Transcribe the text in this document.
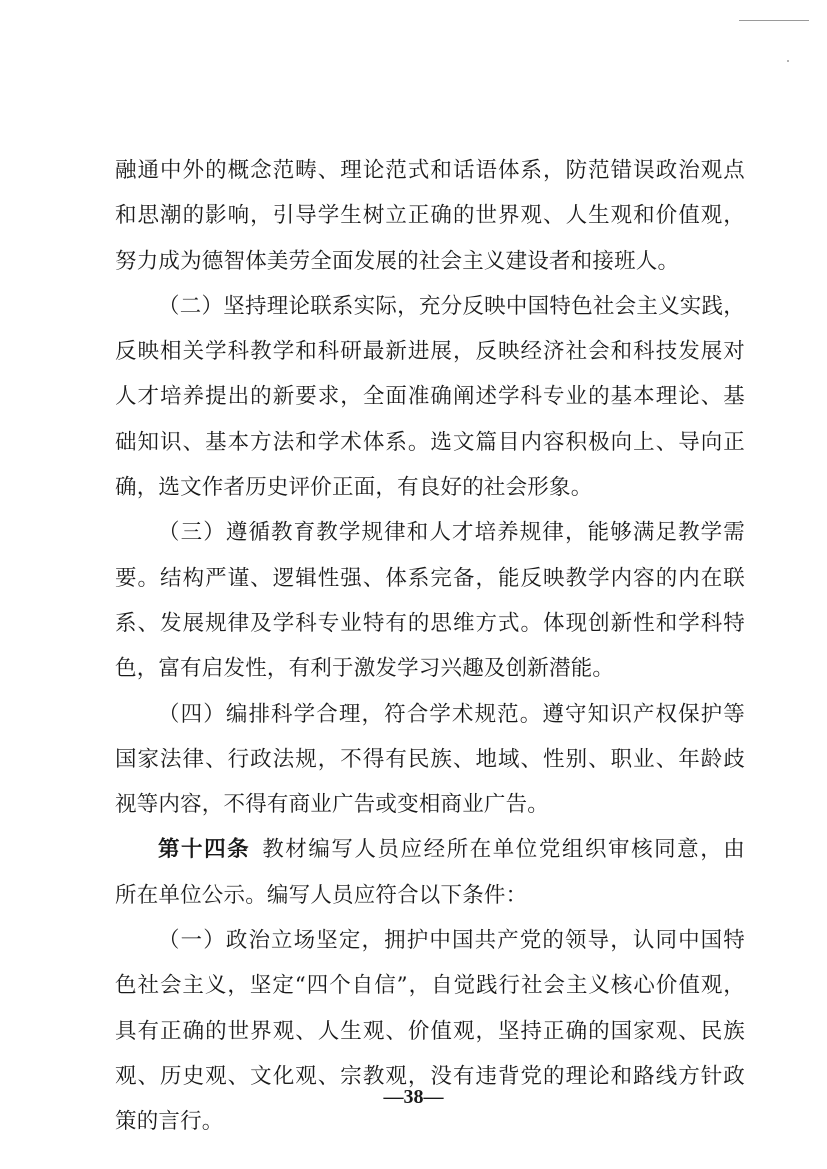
融通中外的概念范畴、理论范式和话语体系，防范错误政治观点
和思潮的影响，引导学生树立正确的世界观、人生观和价值观，
努力成为德智体美劳全面发展的社会主义建设者和接班人。
（二）坚持理论联系实际，充分反映中国特色社会主义实践，
反映相关学科教学和科研最新进展，反映经济社会和科技发展对
人才培养提出的新要求，全面准确阐述学科专业的基本理论、基
础知识、基本方法和学术体系。选文篇目内容积极向上、导向正
确，选文作者历史评价正面，有良好的社会形象。
（三）遵循教育教学规律和人才培养规律，能够满足教学需
要。结构严谨、逻辑性强、体系完备，能反映教学内容的内在联
系、发展规律及学科专业特有的思维方式。体现创新性和学科特
色，富有启发性，有利于激发学习兴趣及创新潜能。
（四）编排科学合理，符合学术规范。遵守知识产权保护等
国家法律、行政法规，不得有民族、地域、性别、职业、年龄歧
视等内容，不得有商业广告或变相商业广告。
第十四条 教材编写人员应经所在单位党组织审核同意，由
所在单位公示。编写人员应符合以下条件：
（一）政治立场坚定，拥护中国共产党的领导，认同中国特
色社会主义，坚定“四个自信”，自觉践行社会主义核心价值观，
具有正确的世界观、人生观、价值观，坚持正确的国家观、民族
观、历史观、文化观、宗教观，没有违背党的理论和路线方针政
策的言行。
—38—
